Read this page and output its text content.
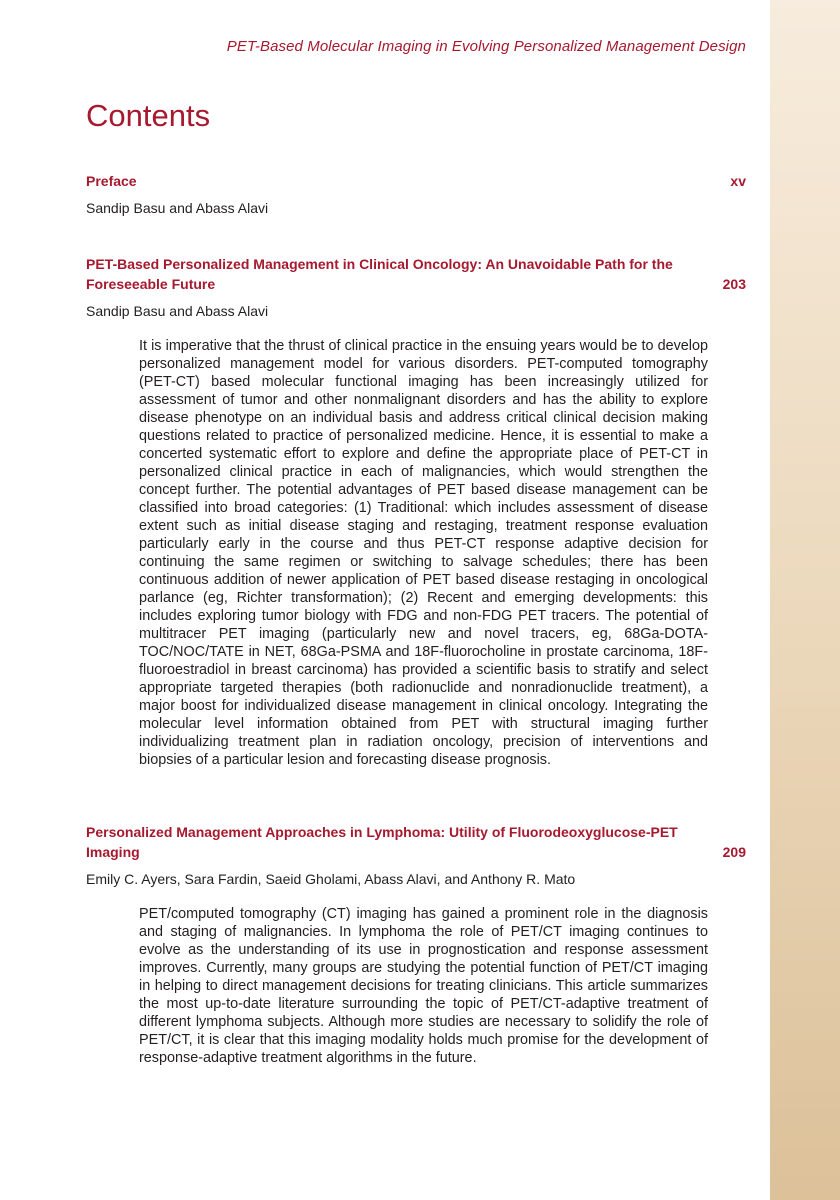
PET-Based Molecular Imaging in Evolving Personalized Management Design
Contents
Preface	xv
Sandip Basu and Abass Alavi
PET-Based Personalized Management in Clinical Oncology: An Unavoidable Path for the Foreseeable Future	203
Sandip Basu and Abass Alavi
It is imperative that the thrust of clinical practice in the ensuing years would be to develop personalized management model for various disorders. PET-computed tomography (PET-CT) based molecular functional imaging has been increasingly utilized for assessment of tumor and other nonmalignant disorders and has the ability to explore disease phenotype on an individual basis and address critical clinical decision making questions related to practice of personalized medicine. Hence, it is essential to make a concerted systematic effort to explore and define the appropriate place of PET-CT in personalized clinical practice in each of malignancies, which would strengthen the concept further. The potential advantages of PET based disease management can be classified into broad categories: (1) Traditional: which includes assessment of disease extent such as initial disease staging and restaging, treatment response evaluation particularly early in the course and thus PET-CT response adaptive decision for continuing the same regimen or switching to salvage schedules; there has been continuous addition of newer application of PET based disease restaging in oncological parlance (eg, Richter transformation); (2) Recent and emerging developments: this includes exploring tumor biology with FDG and non-FDG PET tracers. The potential of multitracer PET imaging (particularly new and novel tracers, eg, 68Ga-DOTA-TOC/NOC/TATE in NET, 68Ga-PSMA and 18F-fluorocholine in prostate carcinoma, 18F-fluoroestradiol in breast carcinoma) has provided a scientific basis to stratify and select appropriate targeted therapies (both radionuclide and nonradionuclide treatment), a major boost for individualized disease management in clinical oncology. Integrating the molecular level information obtained from PET with structural imaging further individualizing treatment plan in radiation oncology, precision of interventions and biopsies of a particular lesion and forecasting disease prognosis.
Personalized Management Approaches in Lymphoma: Utility of Fluorodeoxyglucose-PET Imaging	209
Emily C. Ayers, Sara Fardin, Saeid Gholami, Abass Alavi, and Anthony R. Mato
PET/computed tomography (CT) imaging has gained a prominent role in the diagnosis and staging of malignancies. In lymphoma the role of PET/CT imaging continues to evolve as the understanding of its use in prognostication and response assessment improves. Currently, many groups are studying the potential function of PET/CT imaging in helping to direct management decisions for treating clinicians. This article summarizes the most up-to-date literature surrounding the topic of PET/CT-adaptive treatment of different lymphoma subjects. Although more studies are necessary to solidify the role of PET/CT, it is clear that this imaging modality holds much promise for the development of response-adaptive treatment algorithms in the future.
